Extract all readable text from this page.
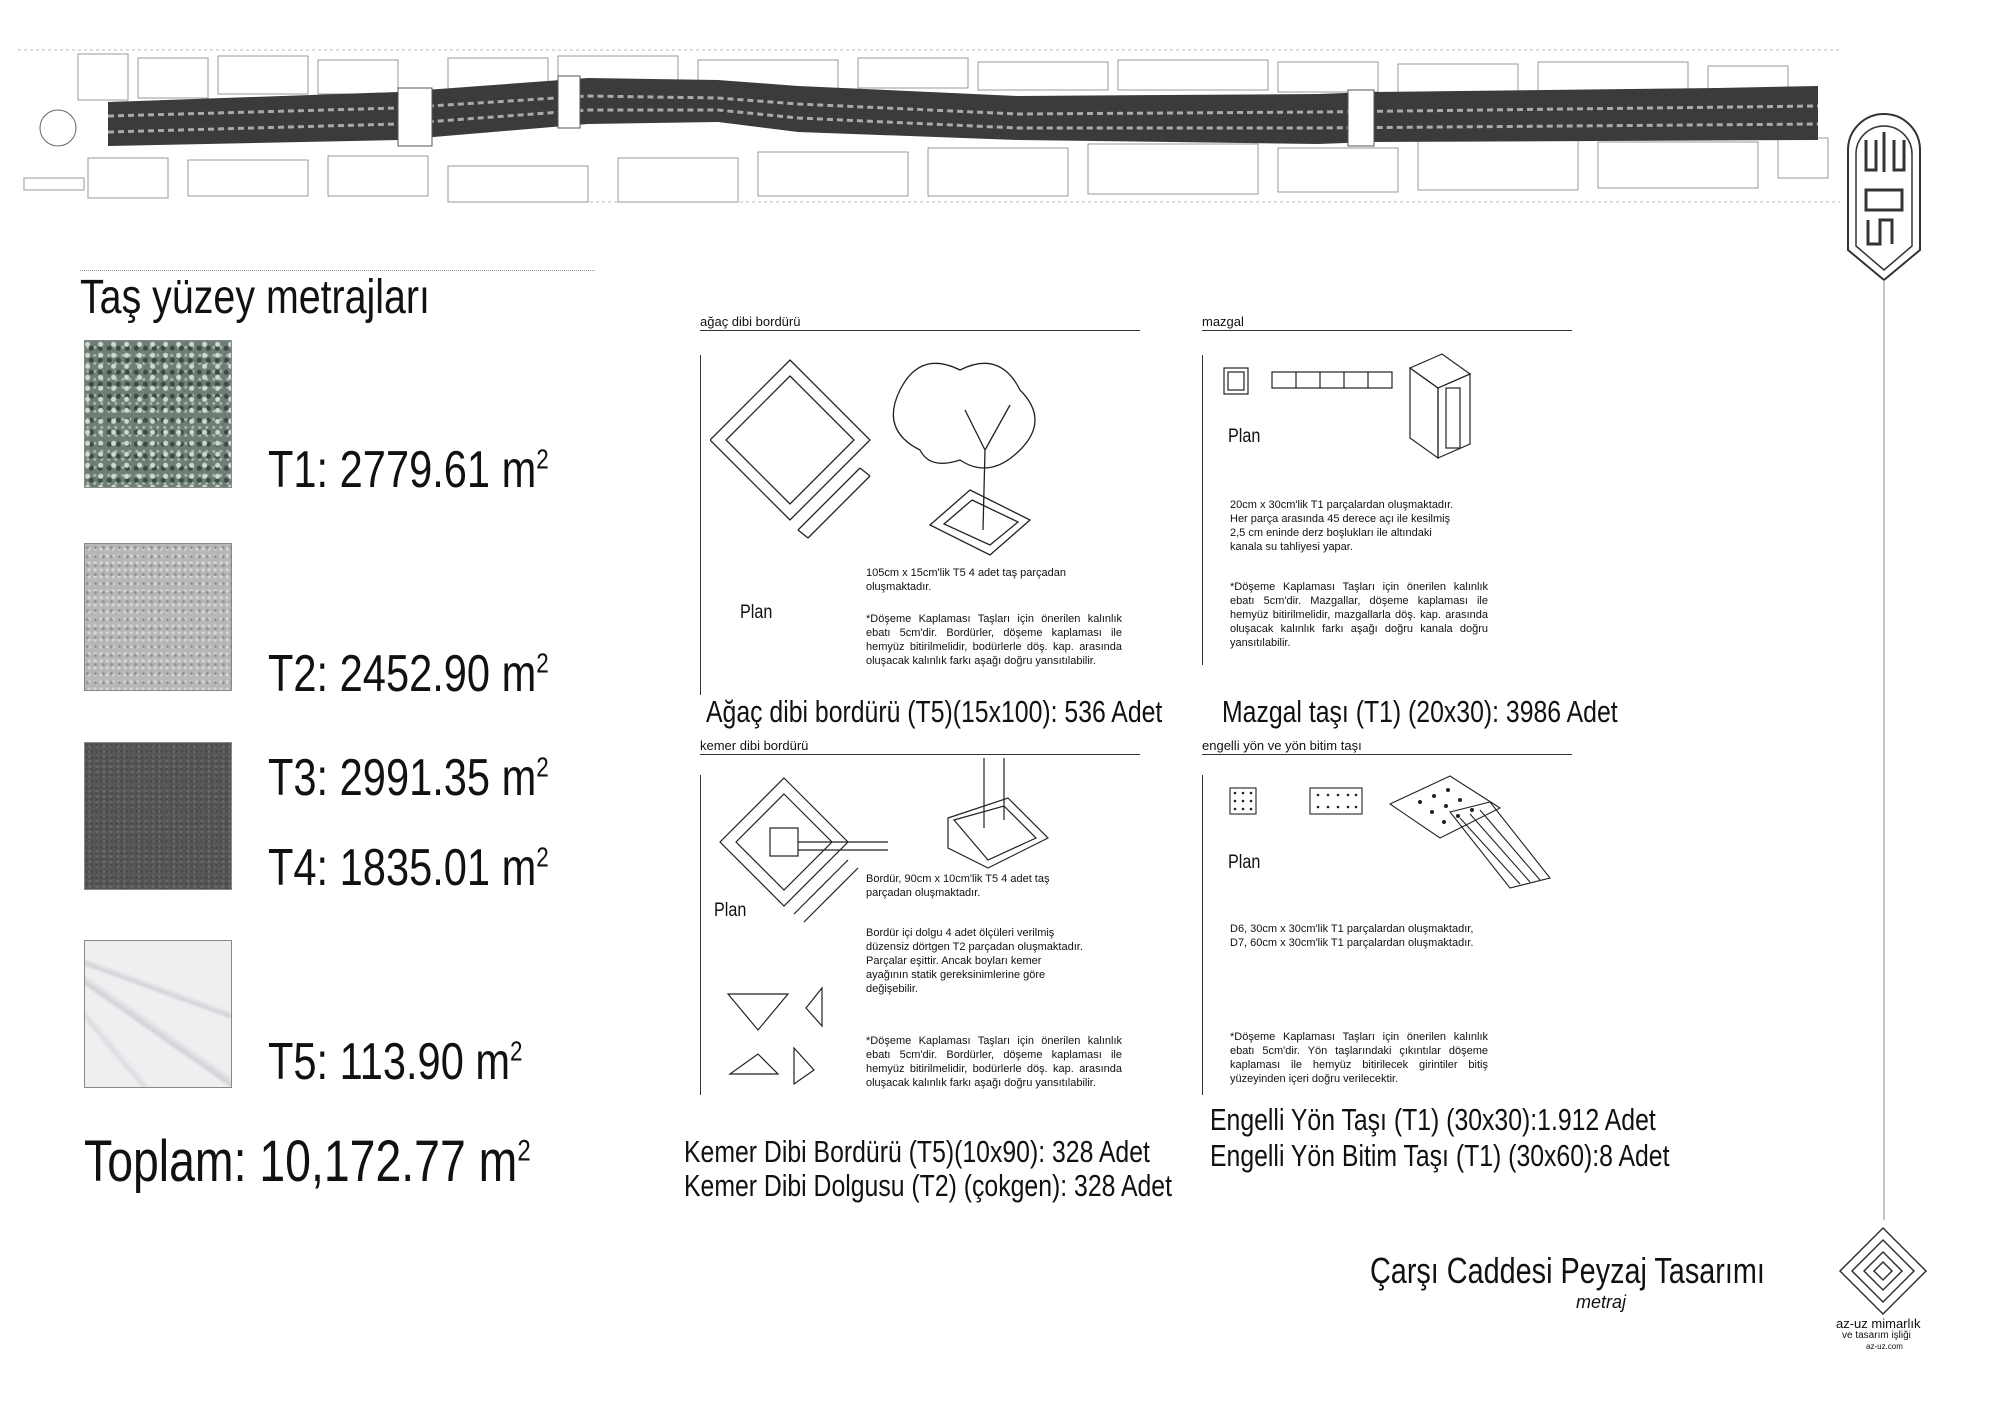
Taş yüzey metrajları
T1: 2779.61 $m^2$
T2: 2452.90 $m^2$
T3: 2991.35 $m^2$
T4: 1835.01 $m^2$
T5: 113.90 $m^2$
Toplam: 10,172.77 $m^2$
ağaç dibi bordürü
Plan
105cm x 15cm'lik T5 4 adet taş parçadan
oluşmaktadır.
*Döşeme Kaplaması Taşları için önerilen kalınlık ebatı 5cm'dir. Bordürler, döşeme kaplaması ile hemyüz bitirilmelidir, bodürlerle döş. kap. arasında oluşacak kalınlık farkı aşağı doğru yansıtılabilir.
Ağaç dibi bordürü (T5)(15x100): 536 Adet
mazgal
Plan
20cm x 30cm'lik T1 parçalardan oluşmaktadır.
Her parça arasında 45 derece açı ile kesilmiş
2,5 cm eninde derz boşlukları ile altındaki
kanala su tahliyesi yapar.
*Döşeme Kaplaması Taşları için önerilen kalınlık ebatı 5cm'dir. Mazgallar, döşeme kaplaması ile hemyüz bitirilmelidir, mazgallarla döş. kap. arasında oluşacak kalınlık farkı aşağı doğru kanala doğru yansıtılabilir.
Mazgal taşı (T1) (20x30): 3986 Adet
kemer dibi bordürü
Plan
Bordür, 90cm x 10cm'lik T5 4 adet taş
parçadan oluşmaktadır.
Bordür içi dolgu 4 adet ölçüleri verilmiş
düzensiz dörtgen T2 parçadan oluşmaktadır.
Parçalar eşittir. Ancak boyları kemer
ayağının statik gereksinimlerine göre
değişebilir.
*Döşeme Kaplaması Taşları için önerilen kalınlık ebatı 5cm'dir. Bordürler, döşeme kaplaması ile hemyüz bitirilmelidir, bodürlerle döş. kap. arasında oluşacak kalınlık farkı aşağı doğru yansıtılabilir.
Kemer Dibi Bordürü (T5)(10x90): 328 Adet
Kemer Dibi Dolgusu (T2) (çokgen): 328 Adet
engelli yön ve yön bitim taşı
Plan
D6, 30cm x 30cm'lik T1 parçalardan oluşmaktadır,
D7, 60cm x 30cm'lik T1 parçalardan oluşmaktadır.
*Döşeme Kaplaması Taşları için önerilen kalınlık ebatı 5cm'dir. Yön taşlarındaki çıkıntılar döşeme kaplaması ile hemyüz bitirilecek girintiler bitiş yüzeyinden içeri doğru verilecektir.
Engelli Yön Taşı (T1) (30x30):1.912 Adet
Engelli Yön Bitim Taşı (T1) (30x60):8 Adet
Çarşı Caddesi Peyzaj Tasarımı
metraj
az-uz mimarlık
ve tasarım işliği
az-uz.com
